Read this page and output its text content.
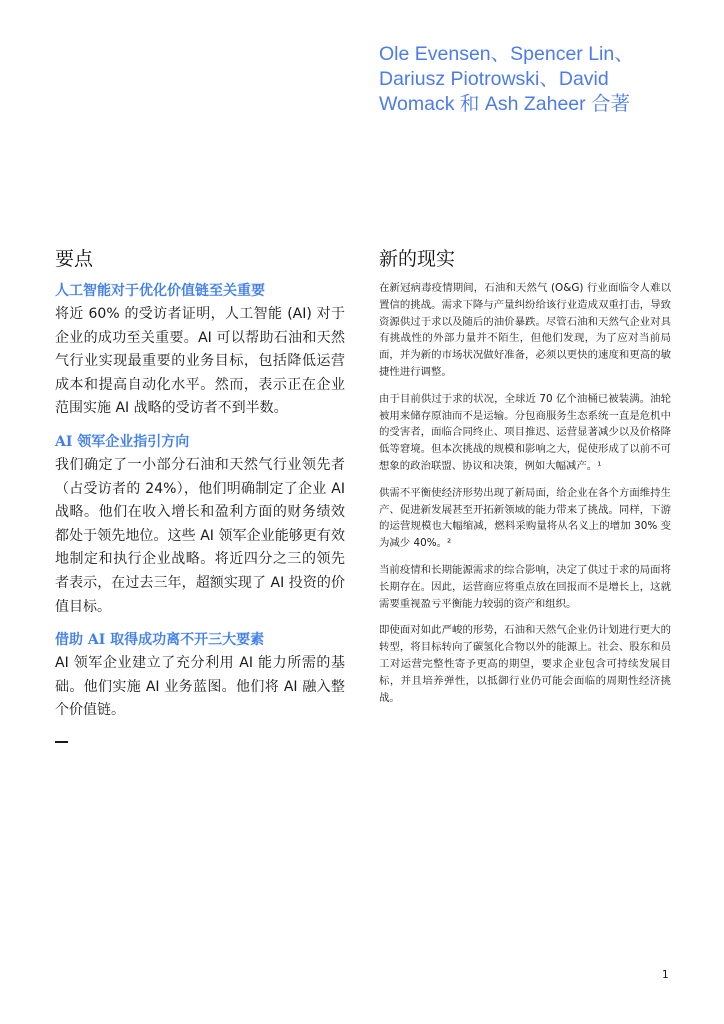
Ole Evensen、Spencer Lin、Dariusz Piotrowski、David Womack 和 Ash Zaheer 合著
要点
人工智能对于优化价值链至关重要

将近 60% 的受访者证明，人工智能 (AI) 对于企业的成功至关重要。AI 可以帮助石油和天然气行业实现最重要的业务目标，包括降低运营成本和提高自动化水平。然而，表示正在企业范围实施 AI 战略的受访者不到半数。

AI 领军企业指引方向

我们确定了一小部分石油和天然气行业领先者（占受访者的 24%），他们明确制定了企业 AI 战略。他们在收入增长和盈利方面的财务绩效都处于领先地位。这些 AI 领军企业能够更有效地制定和执行企业战略。将近四分之三的领先者表示，在过去三年，超额实现了 AI 投资的价值目标。

借助 AI 取得成功离不开三大要素

AI 领军企业建立了充分利用 AI 能力所需的基础。他们实施 AI 业务蓝图。他们将 AI 融入整个价值链。

新的现实

在新冠病毒疫情期间，石油和天然气 (O&G) 行业面临令人难以置信的挑战。需求下降与产量纠纷给该行业造成双重打击，导致资源供过于求以及随后的油价暴跌。尽管石油和天然气企业对具有挑战性的外部力量并不陌生，但他们发现，为了应对当前局面，并为新的市场状况做好准备，必须以更快的速度和更高的敏捷性进行调整。

由于目前供过于求的状况，全球近 70 亿个油桶已被装满。油轮被用来储存原油而不是运输。分包商服务生态系统一直是危机中的受害者，面临合同终止、项目推迟、运营显著减少以及价格降低等窘境。但本次挑战的规模和影响之大，促使形成了以前不可想象的政治联盟、协议和决策，例如大幅减产。¹

供需不平衡使经济形势出现了新局面，给企业在各个方面维持生产、促进新发展甚至开拓新领域的能力带来了挑战。同样，下游的运营规模也大幅缩减，燃料采购量将从名义上的增加 30% 变为减少 40%。²

当前疫情和长期能源需求的综合影响，决定了供过于求的局面将长期存在。因此，运营商应将重点放在回报而不是增长上，这就需要重视盈亏平衡能力较弱的资产和组织。

即使面对如此严峻的形势，石油和天然气企业仍计划进行更大的转型，将目标转向了碳氢化合物以外的能源上。社会、股东和员工对运营完整性寄予更高的期望，要求企业包含可持续发展目标，并且培养弹性，以抵御行业仍可能会面临的周期性经济挑战。

1
